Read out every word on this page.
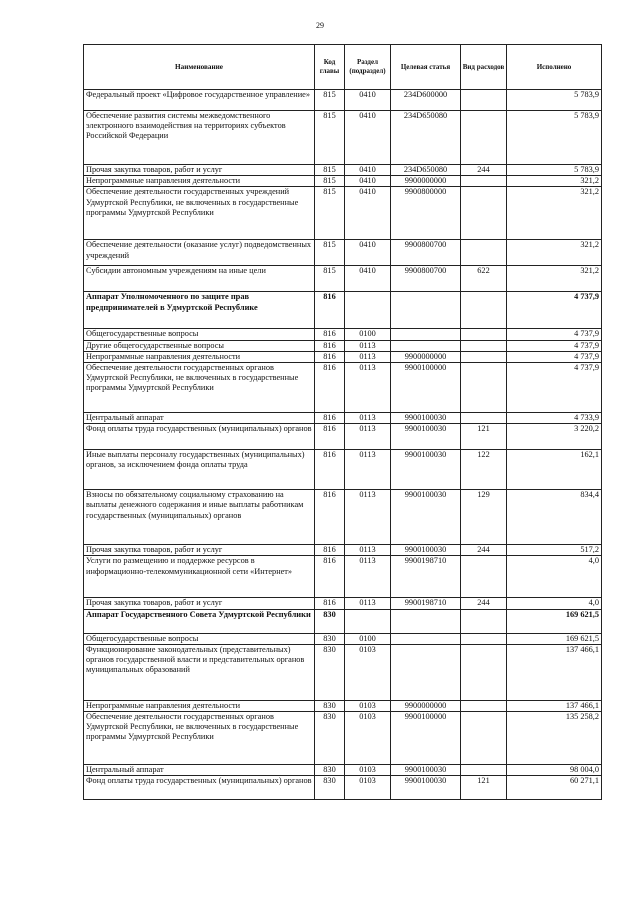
29
Наименование	Код главы	Раздел (подраздел)	Целевая статья	Вид расходов	Исполнено
Федеральный проект «Цифровое государственное управление»	815	0410	234D600000		5 783,9
Обеспечение развития системы межведомственного электронного взаимодействия на территориях субъектов Российской Федерации	815	0410	234D650080		5 783,9
Прочая закупка товаров, работ и услуг	815	0410	234D650080	244	5 783,9
Непрограммные направления деятельности	815	0410	9900000000		321,2
Обеспечение деятельности государственных учреждений Удмуртской Республики, не включенных в государственные программы Удмуртской Республики	815	0410	9900800000		321,2
Обеспечение деятельности (оказание услуг) подведомственных учреждений	815	0410	9900800700		321,2
Субсидии автономным учреждениям на иные цели	815	0410	9900800700	622	321,2
Аппарат Уполномоченного по защите прав предпринимателей в Удмуртской Республике	816				4 737,9
Общегосударственные вопросы	816	0100			4 737,9
Другие общегосударственные вопросы	816	0113			4 737,9
Непрограммные направления деятельности	816	0113	9900000000		4 737,9
Обеспечение деятельности государственных органов Удмуртской Республики, не включенных в государственные программы Удмуртской Республики	816	0113	9900100000		4 737,9
Центральный аппарат	816	0113	9900100030		4 733,9
Фонд оплаты труда государственных (муниципальных) органов	816	0113	9900100030	121	3 220,2
Иные выплаты персоналу государственных (муниципальных) органов, за исключением фонда оплаты труда	816	0113	9900100030	122	162,1
Взносы по обязательному социальному страхованию на выплаты денежного содержания и иные выплаты работникам государственных (муниципальных) органов	816	0113	9900100030	129	834,4
Прочая закупка товаров, работ и услуг	816	0113	9900100030	244	517,2
Услуги по размещению и поддержке ресурсов в информационно-телекоммуникационной сети «Интернет»	816	0113	9900198710		4,0
Прочая закупка товаров, работ и услуг	816	0113	9900198710	244	4,0
Аппарат Государственного Совета Удмуртской Республики	830				169 621,5
Общегосударственные вопросы	830	0100			169 621,5
Функционирование законодательных (представительных) органов государственной власти и представительных органов муниципальных образований	830	0103			137 466,1
Непрограммные направления деятельности	830	0103	9900000000		137 466,1
Обеспечение деятельности государственных органов Удмуртской Республики, не включенных в государственные программы Удмуртской Республики	830	0103	9900100000		135 258,2
Центральный аппарат	830	0103	9900100030		98 004,0
Фонд оплаты труда государственных (муниципальных) органов	830	0103	9900100030	121	60 271,1
